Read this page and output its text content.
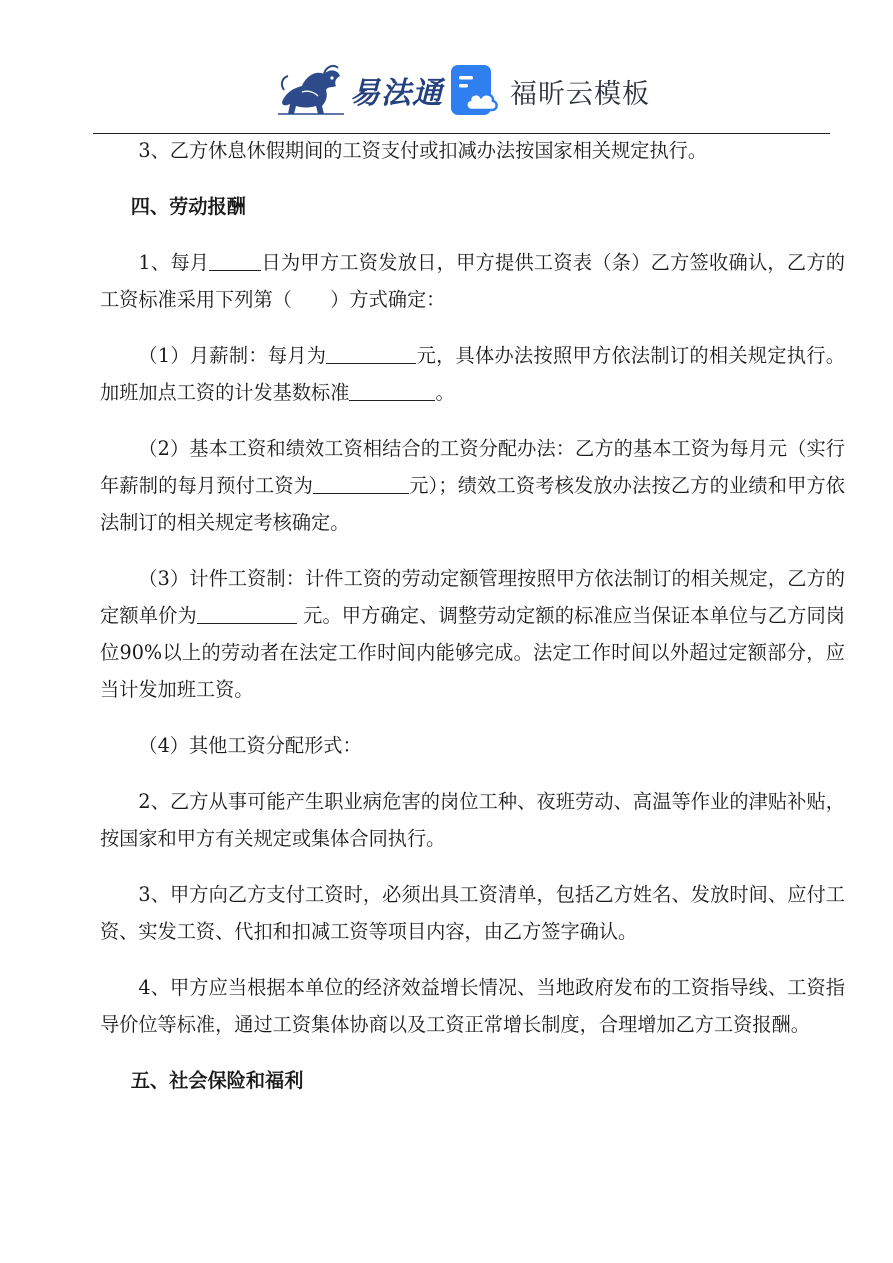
易法通 福昕云模板

3、乙方休息休假期间的工资支付或扣减办法按国家相关规定执行。

四、劳动报酬

1、每月	日为甲方工资发放日，甲方提供工资表（条）乙方签收确认，乙方的工资标准采用下列第（　　）方式确定：

（1）月薪制：每月为	元，具体办法按照甲方依法制订的相关规定执行。加班加点工资的计发基数标准	。

（2）基本工资和绩效工资相结合的工资分配办法：乙方的基本工资为每月元（实行年薪制的每月预付工资为	元）；绩效工资考核发放办法按乙方的业绩和甲方依法制订的相关规定考核确定。

（3）计件工资制：计件工资的劳动定额管理按照甲方依法制订的相关规定，乙方的定额单价为	元。甲方确定、调整劳动定额的标准应当保证本单位与乙方同岗位90%以上的劳动者在法定工作时间内能够完成。法定工作时间以外超过定额部分，应当计发加班工资。

（4）其他工资分配形式：

2、乙方从事可能产生职业病危害的岗位工种、夜班劳动、高温等作业的津贴补贴，按国家和甲方有关规定或集体合同执行。

3、甲方向乙方支付工资时，必须出具工资清单，包括乙方姓名、发放时间、应付工资、实发工资、代扣和扣减工资等项目内容，由乙方签字确认。

4、甲方应当根据本单位的经济效益增长情况、当地政府发布的工资指导线、工资指导价位等标准，通过工资集体协商以及工资正常增长制度，合理增加乙方工资报酬。

五、社会保险和福利
